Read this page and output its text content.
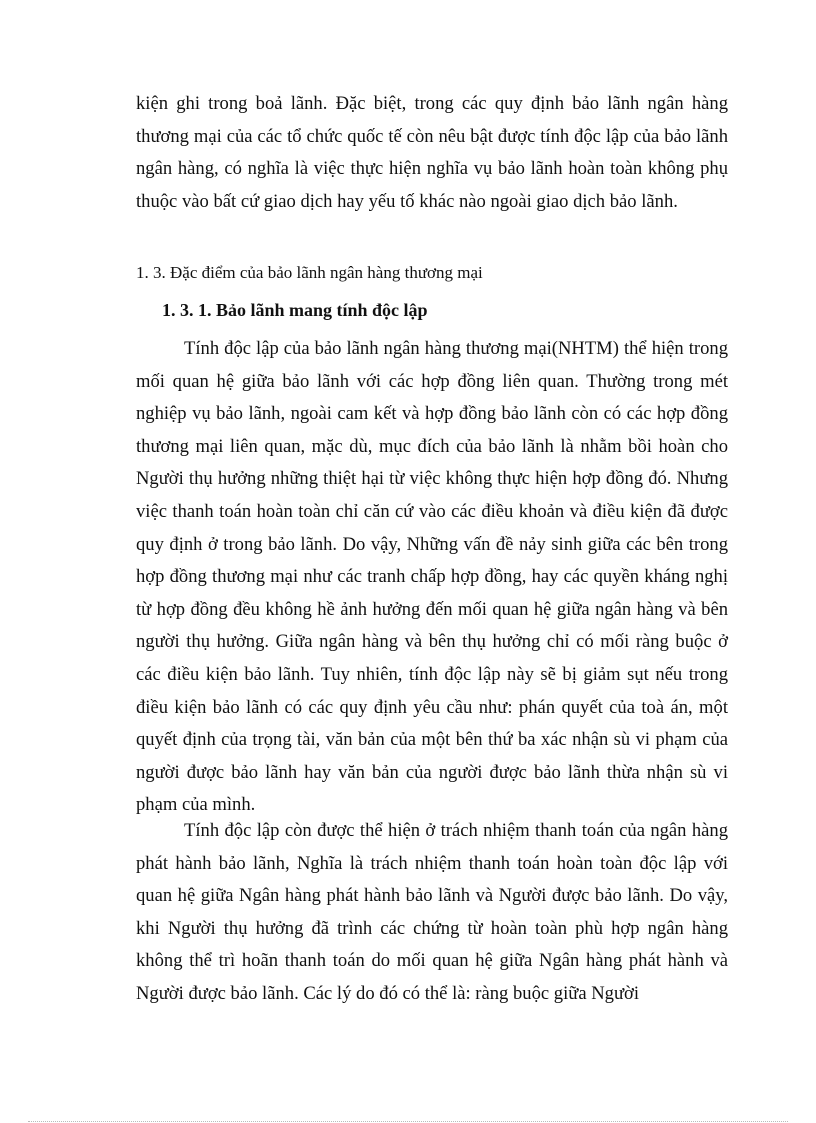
kiện ghi trong boả lãnh. Đặc biệt, trong các quy định bảo lãnh ngân hàng thương mại của các tổ chức quốc tế còn nêu bật được tính độc lập của bảo lãnh ngân hàng, có nghĩa là việc thực hiện nghĩa vụ bảo lãnh hoàn toàn không phụ thuộc vào bất cứ giao dịch hay yếu tố khác nào ngoài giao dịch bảo lãnh.

1. 3. Đặc điểm của bảo lãnh ngân hàng thương mại
1. 3. 1. Bảo lãnh mang tính độc lập

Tính độc lập của bảo lãnh ngân hàng thương mại(NHTM) thể hiện trong mối quan hệ giữa bảo lãnh với các hợp đồng liên quan. Thường trong mét nghiệp vụ bảo lãnh, ngoài cam kết và hợp đồng bảo lãnh còn có các hợp đồng thương mại liên quan, mặc dù, mục đích của bảo lãnh là nhằm bồi hoàn cho Người thụ hưởng những thiệt hại từ việc không thực hiện hợp đồng đó. Nhưng việc thanh toán hoàn toàn chỉ căn cứ vào các điều khoản và điều kiện đã được quy định ở trong bảo lãnh. Do vậy, Những vấn đề nảy sinh giữa các bên trong hợp đồng thương mại như các tranh chấp hợp đồng, hay các quyền kháng nghị từ hợp đồng đều không hề ảnh hưởng đến mối quan hệ giữa ngân hàng và bên người thụ hưởng. Giữa ngân hàng và bên thụ hưởng chỉ có mối ràng buộc ở các điều kiện bảo lãnh. Tuy nhiên, tính độc lập này sẽ bị giảm sụt nếu trong điều kiện bảo lãnh có các quy định yêu cầu như: phán quyết của toà án, một quyết định của trọng tài, văn bản của một bên thứ ba xác nhận sù vi phạm của người được bảo lãnh hay văn bản của người được bảo lãnh thừa nhận sù vi phạm của mình.

Tính độc lập còn được thể hiện ở trách nhiệm thanh toán của ngân hàng phát hành bảo lãnh, Nghĩa là trách nhiệm thanh toán hoàn toàn độc lập với quan hệ giữa Ngân hàng phát hành bảo lãnh và Người được bảo lãnh. Do vậy, khi Người thụ hưởng đã trình các chứng từ hoàn toàn phù hợp ngân hàng không thể trì hoãn thanh toán do mối quan hệ giữa Ngân hàng phát hành và Người được bảo lãnh. Các lý do đó có thể là: ràng buộc giữa Người
